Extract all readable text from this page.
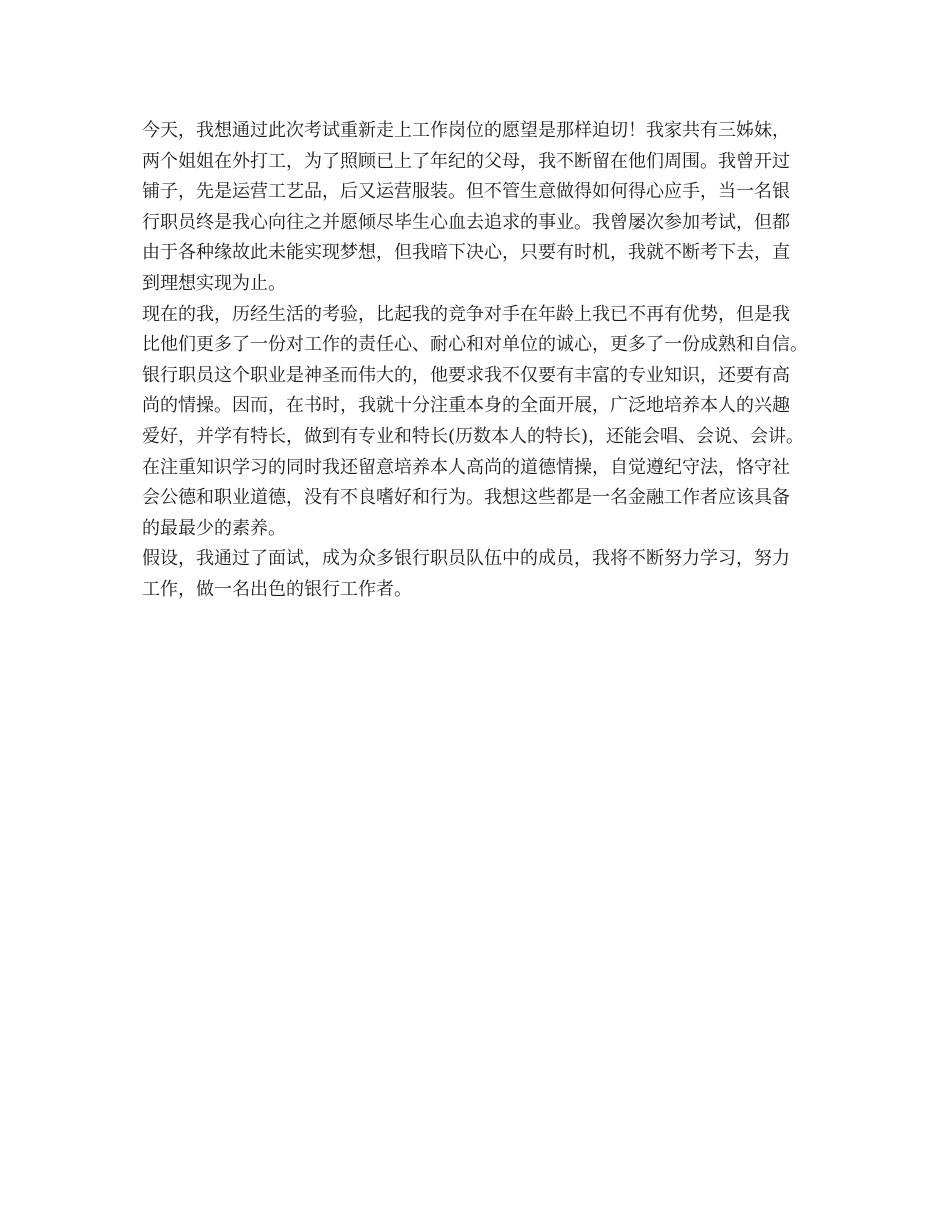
今天，我想通过此次考试重新走上工作岗位的愿望是那样迫切！我家共有三姊妹，
两个姐姐在外打工，为了照顾已上了年纪的父母，我不断留在他们周围。我曾开过
铺子，先是运营工艺品，后又运营服装。但不管生意做得如何得心应手，当一名银
行职员终是我心向往之并愿倾尽毕生心血去追求的事业。我曾屡次参加考试，但都
由于各种缘故此未能实现梦想，但我暗下决心，只要有时机，我就不断考下去，直
到理想实现为止。
现在的我，历经生活的考验，比起我的竞争对手在年龄上我已不再有优势，但是我
比他们更多了一份对工作的责任心、耐心和对单位的诚心，更多了一份成熟和自信。
银行职员这个职业是神圣而伟大的，他要求我不仅要有丰富的专业知识，还要有高
尚的情操。因而，在书时，我就十分注重本身的全面开展，广泛地培养本人的兴趣
爱好，并学有特长，做到有专业和特长(历数本人的特长)，还能会唱、会说、会讲。
在注重知识学习的同时我还留意培养本人高尚的道德情操，自觉遵纪守法，恪守社
会公德和职业道德，没有不良嗜好和行为。我想这些都是一名金融工作者应该具备
的最最少的素养。
假设，我通过了面试，成为众多银行职员队伍中的成员，我将不断努力学习，努力
工作，做一名出色的银行工作者。
